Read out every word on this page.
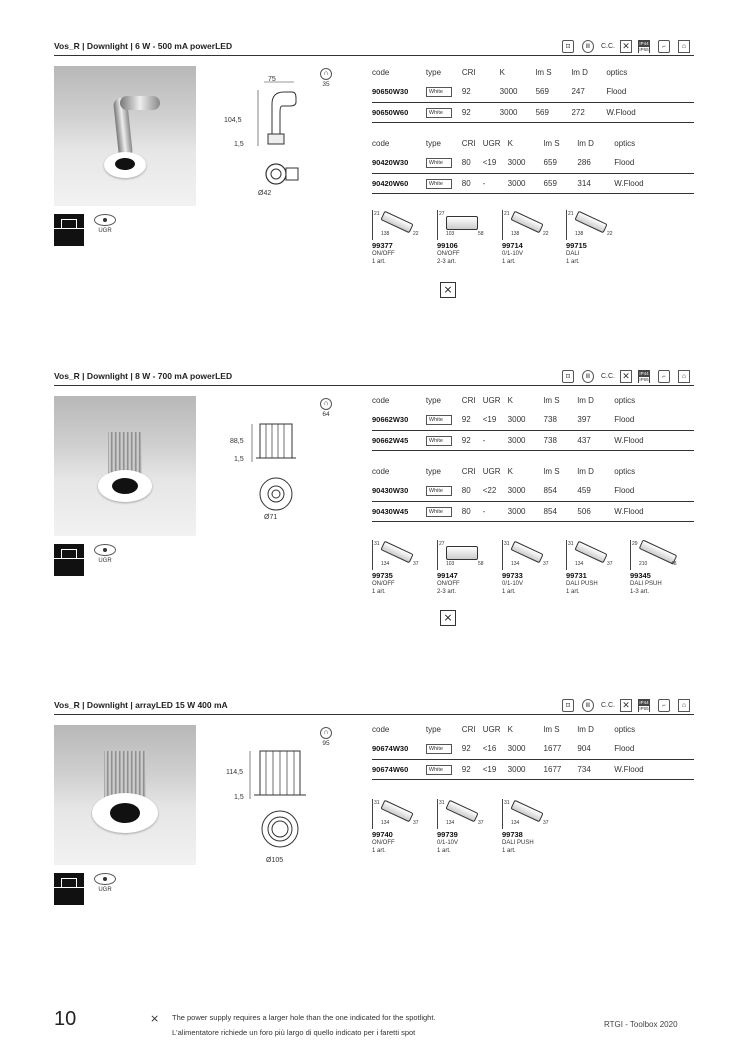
Vos_R | Downlight | 6 W - 500 mA powerLED	⊡	Ⅲ	C.C. ✕	IP44
IP65	⌐	⌂
UGR
75
104,5
1,5
Ø42
∩
35
code	type	CRI	K	lm S	lm D	optics
90650W30	White	92	3000	569	247	Flood
90650W60	White	92	3000	569	272	W.Flood
code	type	CRI	UGR	K	lm S	lm D	optics
90420W30	White	80	<19	3000	659	286	Flood
90420W60	White	80	-	3000	659	314	W.Flood
21
138	22
99377
ON/OFF
1 art.
27
103	58
99106
ON/OFF
2-3 art.
21
138	22
99714
0/1-10V
1 art.
21
138	22
99715
DALI
1 art.
⨯
Vos_R | Downlight | 8 W - 700 mA powerLED	⊡	Ⅲ	C.C. ✕	IP44
IP65	⌐	⌂
UGR
88,5
1,5
Ø71
∩
64
code	type	CRI	UGR	K	lm S	lm D	optics
90662W30	White	92	<19	3000	738	397	Flood
90662W45	White	92	-	3000	738	437	W.Flood
code	type	CRI	UGR	K	lm S	lm D	optics
90430W30	White	80	<22	3000	854	459	Flood
90430W45	White	80	-	3000	854	506	W.Flood
31
134	37
99735
ON/OFF
1 art.
27
103	58
99147
ON/OFF
2-3 art.
31
134	37
99733
0/1-10V
1 art.
31
134	37
99731
DALI PUSH
1 art.
29
210	48
99345
DALI PSUH
1-3 art.
⨯
Vos_R | Downlight | arrayLED 15 W 400 mA	⊡	Ⅲ	C.C. ✕	IP44
IP65	⌐	⌂
UGR
114,5
1,5
Ø105
∩
95
code	type	CRI	UGR	K	lm S	lm D	optics
90674W30	White	92	<16	3000	1677	904	Flood
90674W60	White	92	<19	3000	1677	734	W.Flood
31
134	37
99740
ON/OFF
1 art.
31
134	37
99739
0/1-10V
1 art.
31
134	37
99738
DALI PUSH
1 art.
10	⨯ The power supply requires a larger hole than the one indicated for the spotlight.
L'alimentatore richiede un foro più largo di quello indicato per i faretti spot
RTGI - Toolbox 2020
